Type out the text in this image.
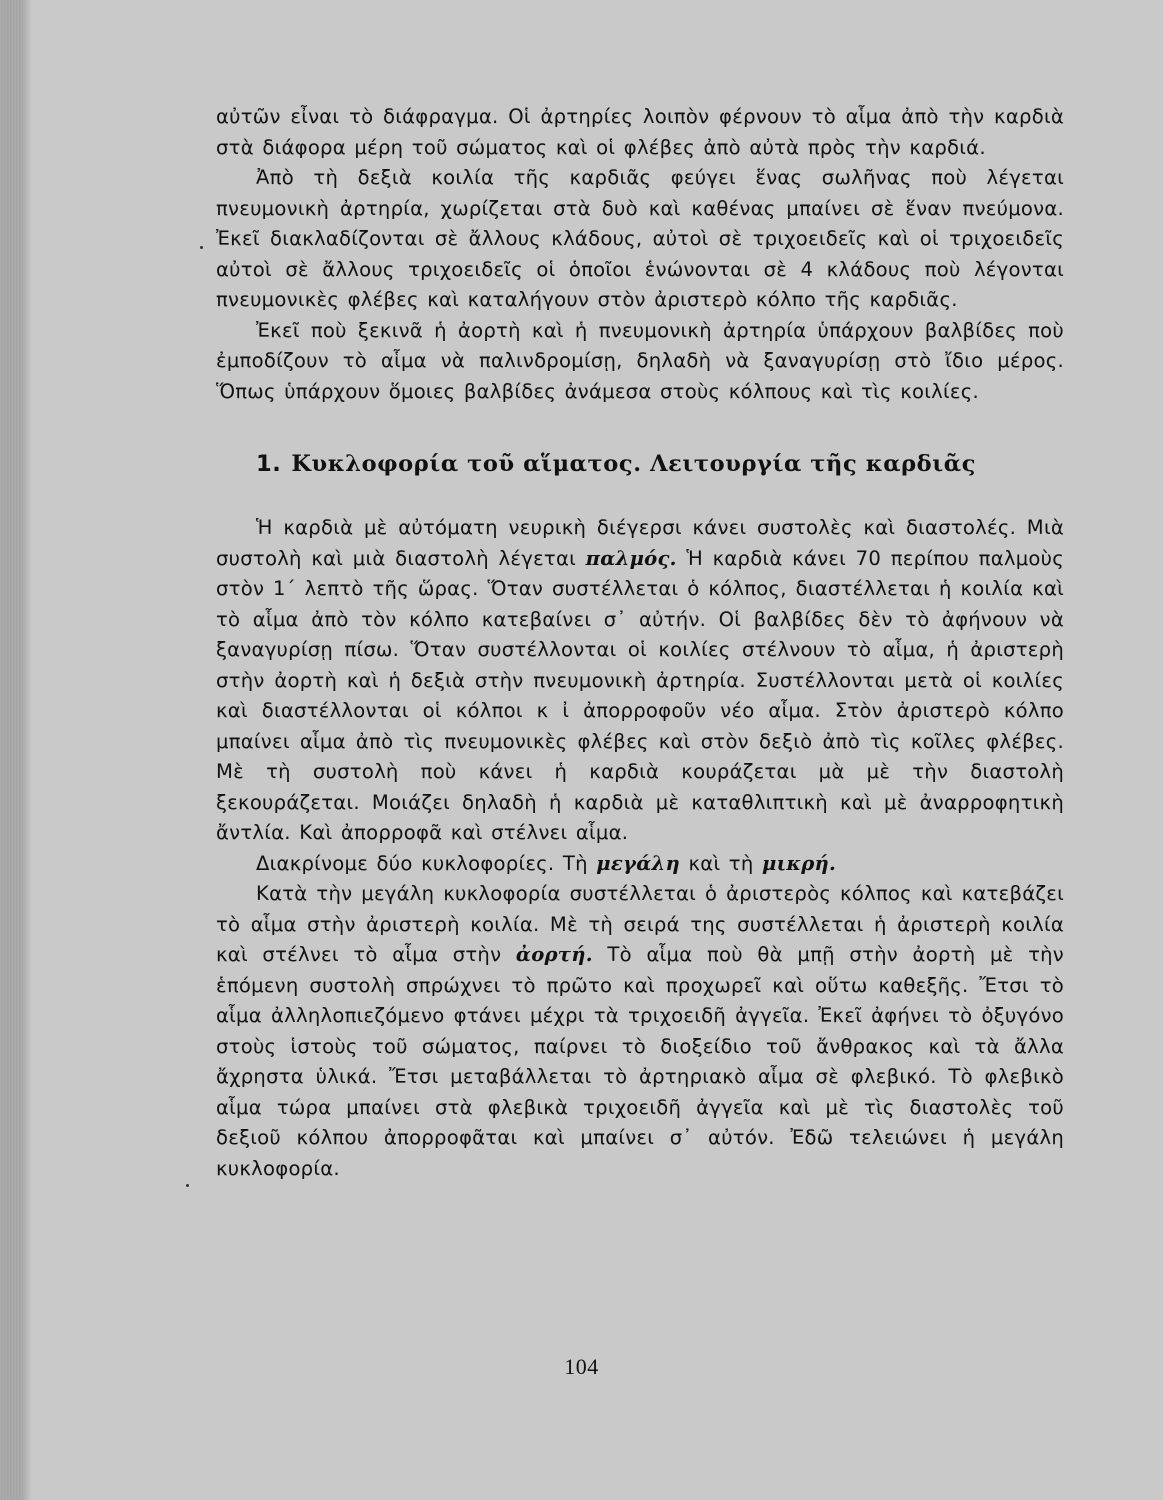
αὐτῶν εἶναι τὸ διάφραγμα. Οἱ ἀρτηρίες λοιπὸν φέρνουν τὸ αἷμα ἀπὸ τὴν καρδιὰ στὰ διάφορα μέρη τοῦ σώματος καὶ οἱ φλέβες ἀπὸ αὐτὰ πρὸς τὴν καρδιά.

Ἀπὸ τὴ δεξιὰ κοιλία τῆς καρδιᾶς φεύγει ἕνας σωλῆνας ποὺ λέγεται πνευμονικὴ ἀρτηρία, χωρίζεται στὰ δυὸ καὶ καθένας μπαίνει σὲ ἕναν πνεύμονα. Ἐκεῖ διακλαδίζονται σὲ ἄλλους κλάδους, αὐτοὶ σὲ τριχοειδεῖς καὶ οἱ τριχοειδεῖς αὐτοὶ σὲ ἄλλους τριχοειδεῖς οἱ ὁποῖοι ἑνώνονται σὲ 4 κλάδους ποὺ λέγονται πνευμονικὲς φλέβες καὶ καταλήγουν στὸν ἀριστερὸ κόλπο τῆς καρδιᾶς.

Ἐκεῖ ποὺ ξεκινᾶ ἡ ἀορτὴ καὶ ἡ πνευμονικὴ ἀρτηρία ὑπάρχουν βαλβίδες ποὺ ἐμποδίζουν τὸ αἷμα νὰ παλινδρομίσῃ, δηλαδὴ νὰ ξαναγυρίσῃ στὸ ἴδιο μέρος. Ὅπως ὑπάρχουν ὅμοιες βαλβίδες ἀνάμεσα στοὺς κόλπους καὶ τὶς κοιλίες.

1. Κυκλοφορία τοῦ αἵματος. Λειτουργία τῆς καρδιᾶς

Ἡ καρδιὰ μὲ αὐτόματη νευρικὴ διέγερσι κάνει συστολὲς καὶ διαστολές. Μιὰ συστολὴ καὶ μιὰ διαστολὴ λέγεται παλμός. Ἡ καρδιὰ κάνει 70 περίπου παλμοὺς στὸν 1΄ λεπτὸ τῆς ὥρας. Ὅταν συστέλλεται ὁ κόλπος, διαστέλλεται ἡ κοιλία καὶ τὸ αἷμα ἀπὸ τὸν κόλπο κατεβαίνει σ᾽ αὐτήν. Οἱ βαλβίδες δὲν τὸ ἀφήνουν νὰ ξαναγυρίσῃ πίσω. Ὅταν συστέλλονται οἱ κοιλίες στέλνουν τὸ αἷμα, ἡ ἀριστερὴ στὴν ἀορτὴ καὶ ἡ δεξιὰ στὴν πνευμονικὴ ἀρτηρία. Συστέλλονται μετὰ οἱ κοιλίες καὶ διαστέλλονται οἱ κόλποι κ ἰ ἀπορροφοῦν νέο αἷμα. Στὸν ἀριστερὸ κόλπο μπαίνει αἷμα ἀπὸ τὶς πνευμονικὲς φλέβες καὶ στὸν δεξιὸ ἀπὸ τὶς κοῖλες φλέβες. Μὲ τὴ συστολὴ ποὺ κάνει ἡ καρδιὰ κουράζεται μὰ μὲ τὴν διαστολὴ ξεκουράζεται. Μοιάζει δηλαδὴ ἡ καρδιὰ μὲ καταθλιπτικὴ καὶ μὲ ἀναρροφητικὴ ἄντλία. Καὶ ἀπορροφᾶ καὶ στέλνει αἷμα.

Διακρίνομε δύο κυκλοφορίες. Τὴ μεγάλη καὶ τὴ μικρή.

Κατὰ τὴν μεγάλη κυκλοφορία συστέλλεται ὁ ἀριστερὸς κόλπος καὶ κατεβάζει τὸ αἷμα στὴν ἀριστερὴ κοιλία. Μὲ τὴ σειρά της συστέλλεται ἡ ἀριστερὴ κοιλία καὶ στέλνει τὸ αἷμα στὴν ἀορτή. Τὸ αἷμα ποὺ θὰ μπῇ στὴν ἀορτὴ μὲ τὴν ἑπόμενη συστολὴ σπρώχνει τὸ πρῶτο καὶ προχωρεῖ καὶ οὕτω καθεξῆς. Ἔτσι τὸ αἷμα ἀλληλοπιεζόμενο φτάνει μέχρι τὰ τριχοειδῆ ἀγγεῖα. Ἐκεῖ ἀφήνει τὸ ὀξυγόνο στοὺς ἱστοὺς τοῦ σώματος, παίρνει τὸ διοξείδιο τοῦ ἄνθρακος καὶ τὰ ἄλλα ἄχρηστα ὑλικά. Ἔτσι μεταβάλλεται τὸ ἀρτηριακὸ αἷμα σὲ φλεβικό. Τὸ φλεβικὸ αἷμα τώρα μπαίνει στὰ φλεβικὰ τριχοειδῆ ἀγγεῖα καὶ μὲ τὶς διαστολὲς τοῦ δεξιοῦ κόλπου ἀπορροφᾶται καὶ μπαίνει σ᾽ αὐτόν. Ἐδῶ τελειώνει ἡ μεγάλη κυκλοφορία.

104
